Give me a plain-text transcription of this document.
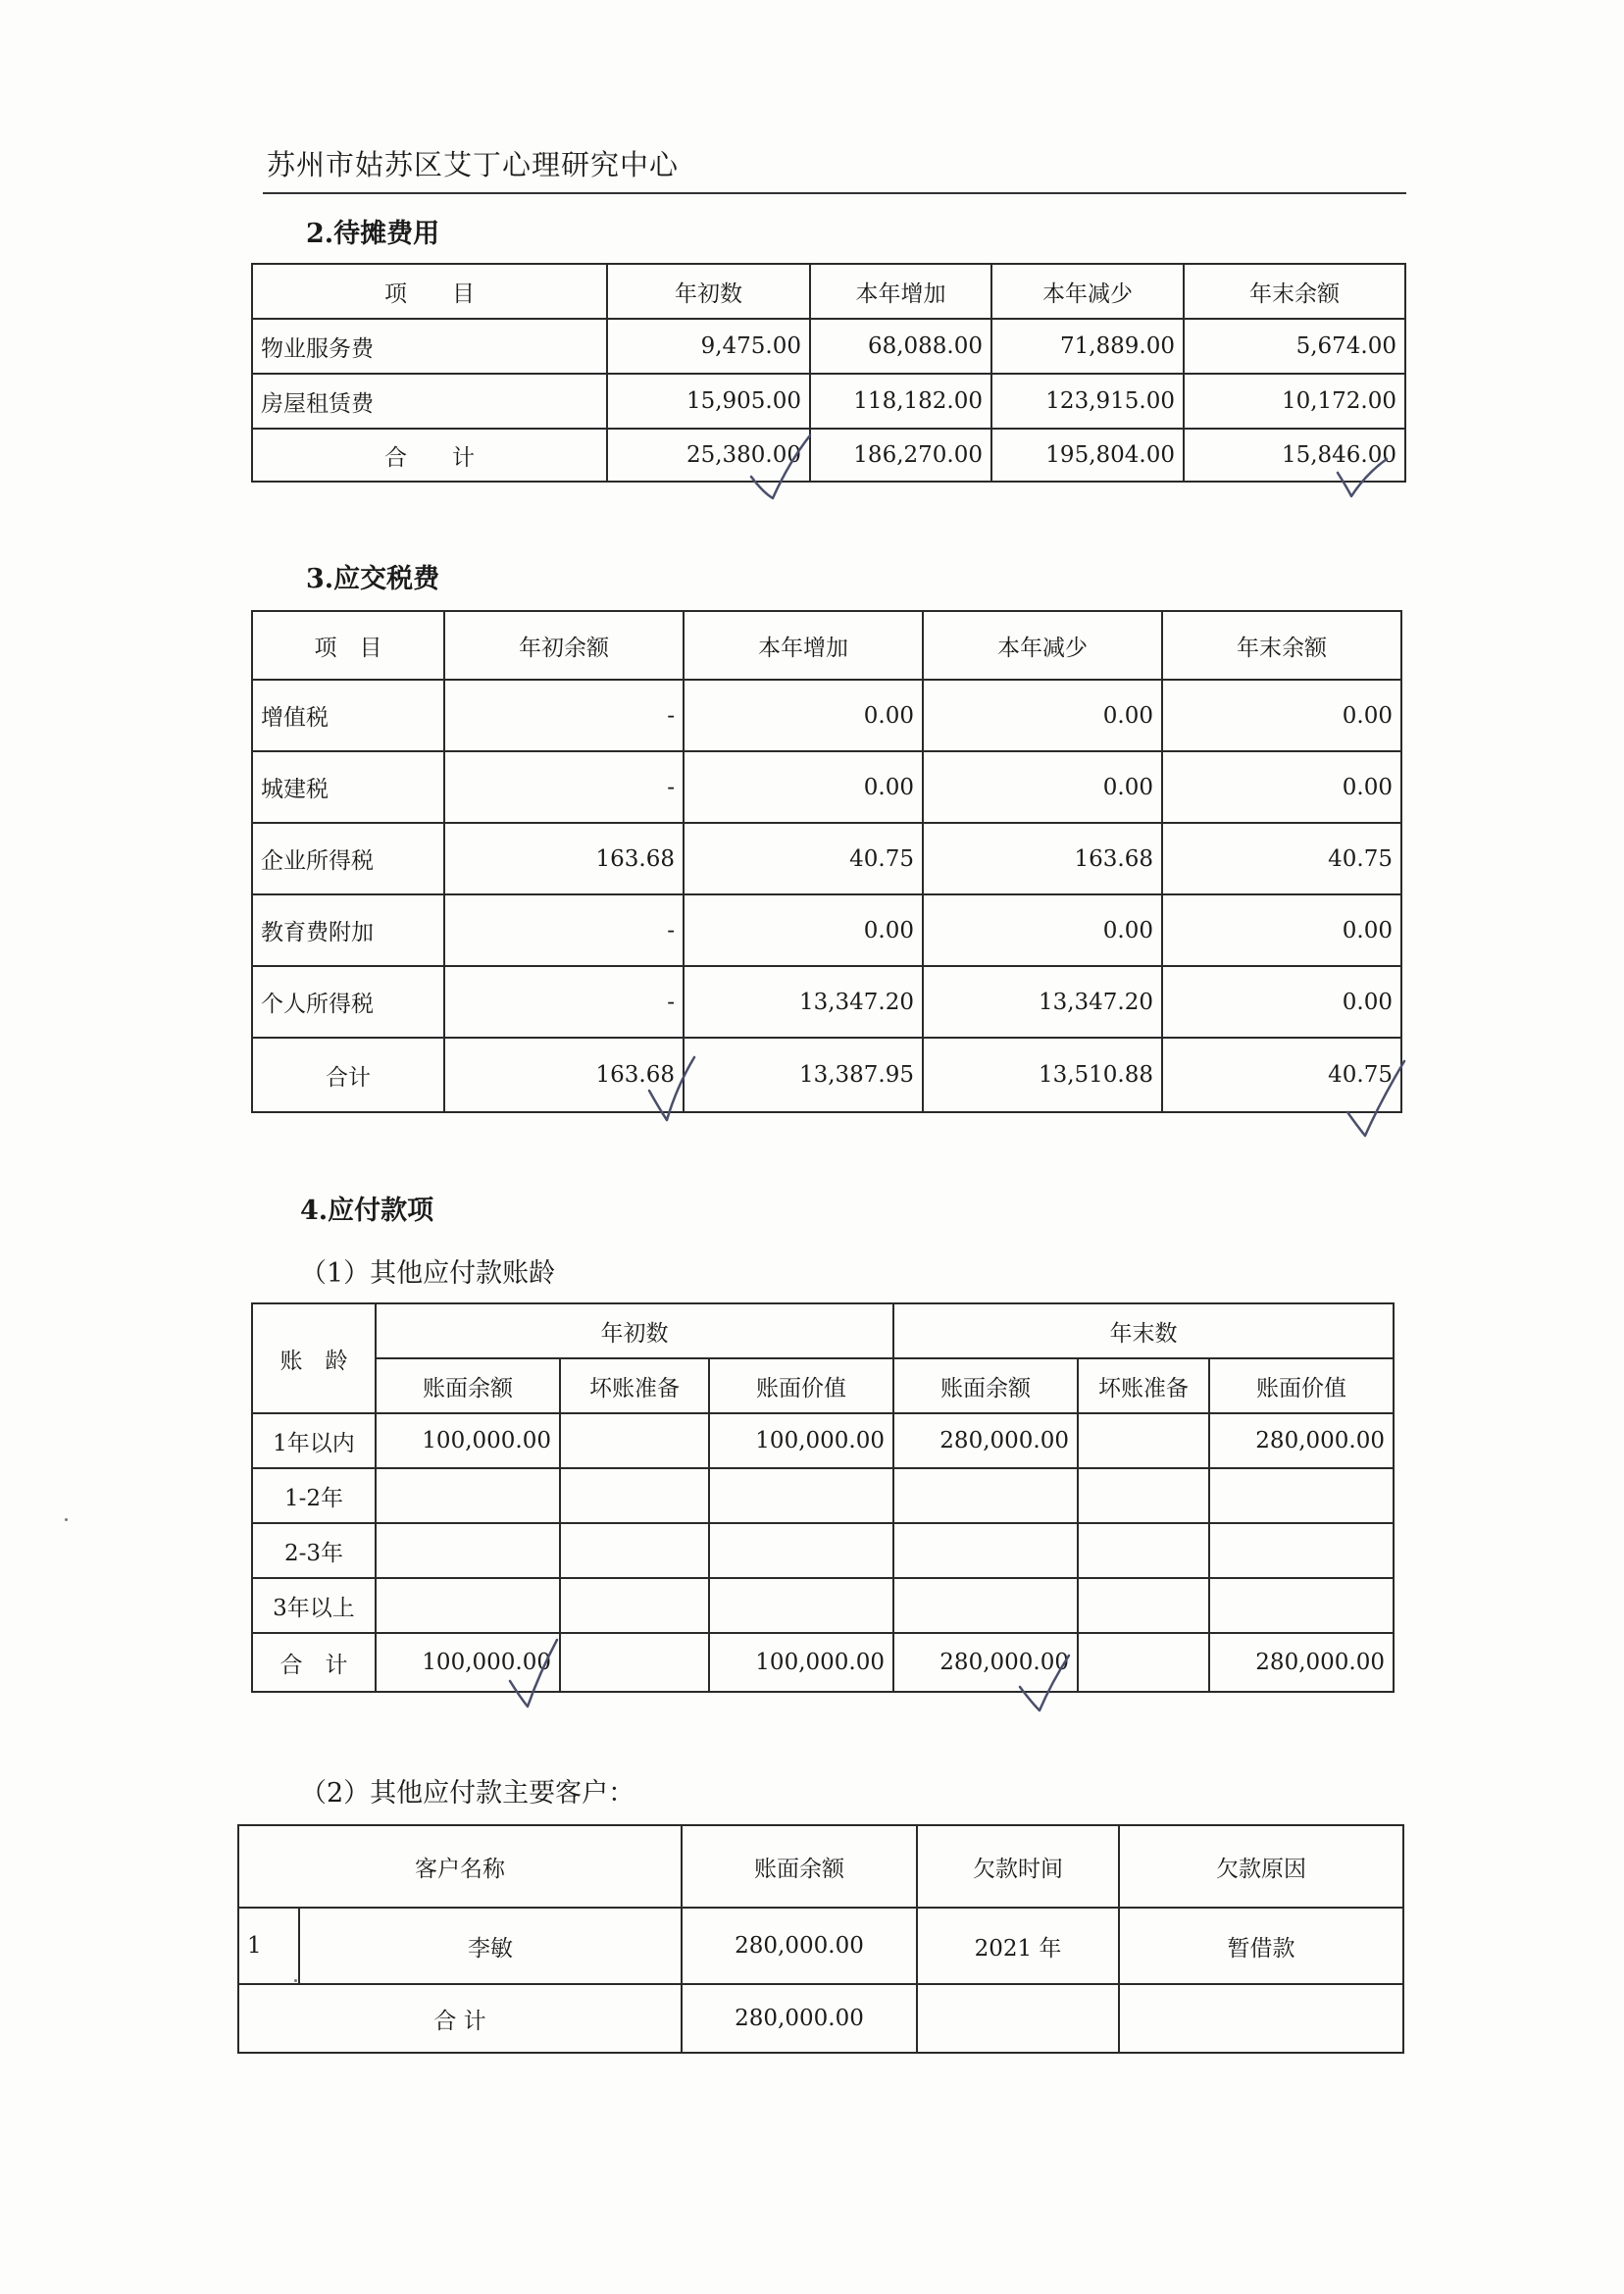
苏州市姑苏区艾丁心理研究中心
2.待摊费用
项　　目	年初数	本年增加	本年减少	年末余额
物业服务费	9,475.00	68,088.00	71,889.00	5,674.00
房屋租赁费	15,905.00	118,182.00	123,915.00	10,172.00
合　　计	25,380.00	186,270.00	195,804.00	15,846.00
3.应交税费
项　目	年初余额	本年增加	本年减少	年末余额
增值税	-	0.00	0.00	0.00
城建税	-	0.00	0.00	0.00
企业所得税	163.68	40.75	163.68	40.75
教育费附加	-	0.00	0.00	0.00
个人所得税	-	13,347.20	13,347.20	0.00
合计	163.68	13,387.95	13,510.88	40.75
4.应付款项
（1）其他应付款账龄
账　龄	年初数			年末数		
	账面余额	坏账准备	账面价值	账面余额	坏账准备	账面价值
1年以内	100,000.00		100,000.00	280,000.00		280,000.00
1-2年						
2-3年						
3年以上						
合　计	100,000.00		100,000.00	280,000.00		280,000.00
（2）其他应付款主要客户：
客户名称		账面余额	欠款时间	欠款原因
1	李敏	280,000.00	2021 年	暂借款
合 计		280,000.00		
